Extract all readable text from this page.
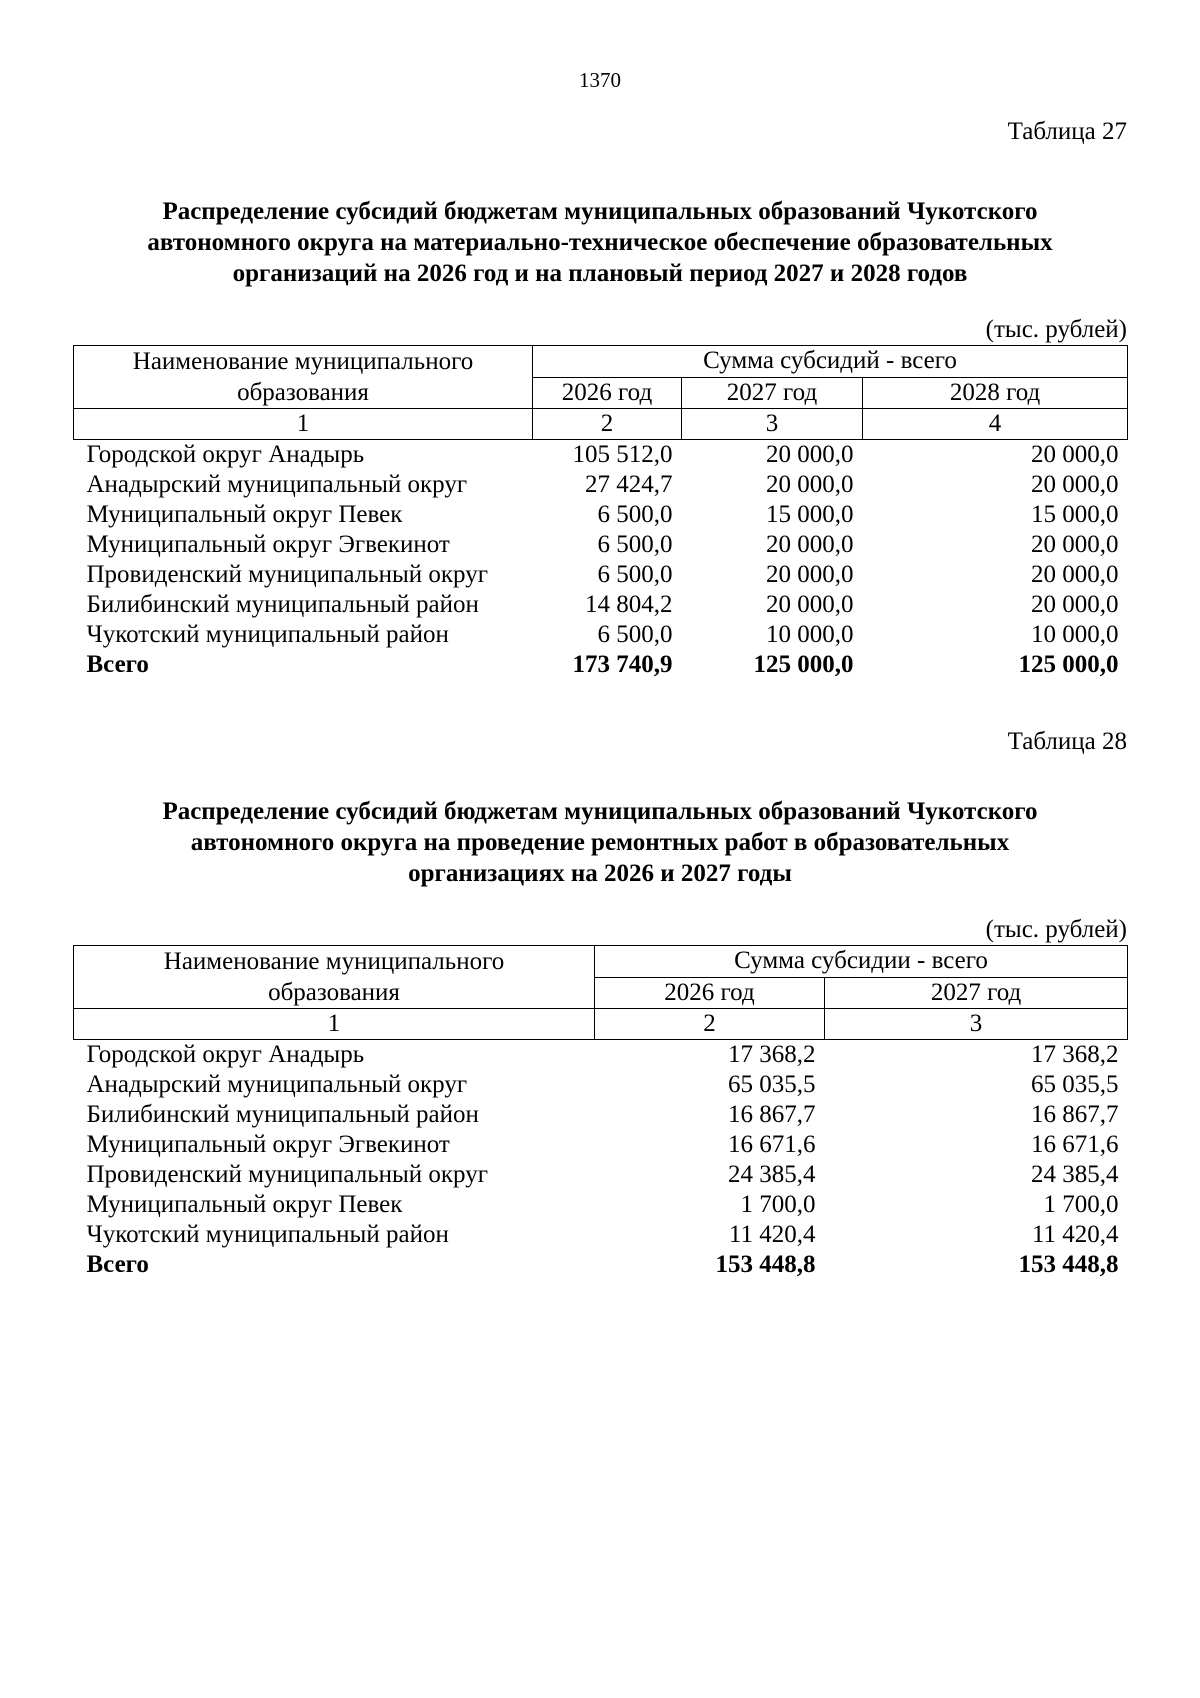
1370
Таблица 27
Распределение субсидий бюджетам муниципальных образований Чукотского
автономного округа на материально-техническое обеспечение образовательных
организаций на 2026 год и на плановый период 2027 и 2028 годов
(тыс. рублей)
Наименование муниципального
образования	Сумма субсидий - всего		
	2026 год	2027 год	2028 год
1	2	3	4
Городской округ Анадырь	105 512,0	20 000,0	20 000,0
Анадырский муниципальный округ	27 424,7	20 000,0	20 000,0
Муниципальный округ Певек	6 500,0	15 000,0	15 000,0
Муниципальный округ Эгвекинот	6 500,0	20 000,0	20 000,0
Провиденский муниципальный округ	6 500,0	20 000,0	20 000,0
Билибинский муниципальный район	14 804,2	20 000,0	20 000,0
Чукотский муниципальный район	6 500,0	10 000,0	10 000,0
Всего	173 740,9	125 000,0	125 000,0
Таблица 28
Распределение субсидий бюджетам муниципальных образований Чукотского
автономного округа на проведение ремонтных работ в образовательных
организациях на 2026 и 2027 годы
(тыс. рублей)
Наименование муниципального
образования	Сумма субсидии - всего	
	2026 год	2027 год
1	2	3
Городской округ Анадырь	17 368,2	17 368,2
Анадырский муниципальный округ	65 035,5	65 035,5
Билибинский муниципальный район	16 867,7	16 867,7
Муниципальный округ Эгвекинот	16 671,6	16 671,6
Провиденский муниципальный округ	24 385,4	24 385,4
Муниципальный округ Певек	1 700,0	1 700,0
Чукотский муниципальный район	11 420,4	11 420,4
Всего	153 448,8	153 448,8
